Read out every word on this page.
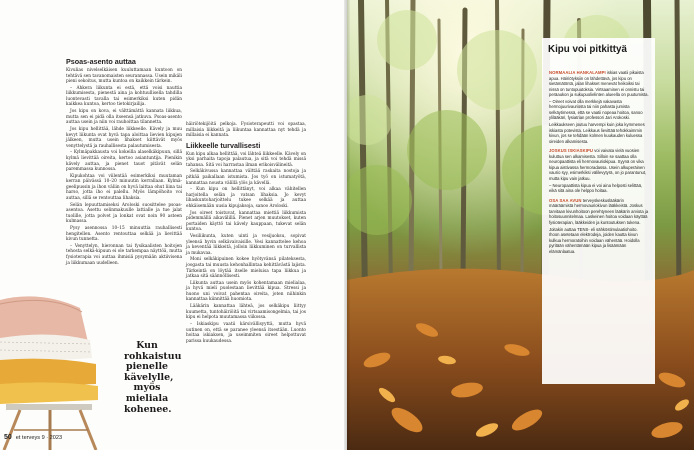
Psoas-asento auttaa

Kivulias nivelselkäisen kuuluttamaan kuntoon on tehtävä sen tavanomaisten seurannassa. Usein mikäli pieni sekoitus, mutta kuntoa on kaikkein tärkein.

– Ahkera liikunta ei estä, että voisi nauttia liikkumisesta, pienestä aina ja kohtuullisella tahdilla luontevasti tavalla tai esimerkiksi kuten pidän kaikkea kuntoa, kertoo tietokirjailija.

Jos kipu on kova, ei välttämättä kannata liikkua, mutta sen ei pidä olla itseensä jatkuva. Psoas-asento auttaa usein ja niin voi rauhoittaa tilannetta.

Jos kipu hellittää, lähde liikkeelle. Kävely ja muu kevyt liikunta ovat hyvä tapa aloittaa lievien kipujen jälkeen, mutta usein lihakset kiittävät myös venyttelystä ja rauhallisesta palautumisesta.

– Kylmäpakkausta voi kokeilla alaselkäkipuun, sillä kylmä lievittää oireita, kertoo asiantuntija. Pienikin kävely auttaa, ja pienet tauot pitävät selän paremmassa kunnossa.

Kipukohtaa voi viilentää esimerkiksi muutaman kerran päivässä 10–20 minuutin kerrallaan. Kylmä-geelipussin ja ihon väliin on hyvä laittaa ohut liina tai harso, jotta iho ei palellu. Myös lämpöhoito voi auttaa, sillä se rentouttaa lihaksia.

Selän lepuuttamiseksi Aroloski suosittelee psoas-asentoa. Asettu selinmakuulle lattialle ja tue jalat tuolille, jotta polvet ja lonkat ovat noin 90 asteen kulmassa.

Pysy asennossa 10–15 minuuttia rauhallisesti hengitellen. Asento rentouttaa selkää ja lievittää kivun tunnetta.

– Venyttelyn, hieronnan tai fysikaalisten hoitojen tehosta selkä-kipuun ei ole tarkempaa näyttöä, mutta fysioterapia voi auttaa ihmisiä pysymään aktiivisena ja liikkumaan uudelleen.

häiriötekijöitä pelkoja. Fysioterapeutti voi opastaa, millaisia liikkeitä ja liikuntaa kannattaa nyt tehdä ja millaisia ei kannata.

Liikkeelle turvallisesti

Kun kipu alkaa hellittää, voi lähteä liikkeelle. Kävely on yksi parhaita tapoja palautua, ja sitä voi tehdä missä tahansa. Sitä voi harrastaa ilman erikoisvälineitä.

Selkäkivussa kannattaa välttää raskaita nostoja ja pitkää paikallaan istumista. Jos työ on istumatyötä, kannattaa nousta välillä ylös ja kävellä.

– Kun kipu on hellittänyt, voi alkaa vähitellen harjoitella selän ja vatsan lihaksia. Jo kevyt lihaskuntoharjoittelu tukee selkää ja auttaa ehkäisemään uusia kipujaksoja, sanoo Aroloski.

Jos oireet toistuvat, kannattaa miettiä liikkumista pidemmällä aikavälillä. Pienet arjen muutokset, kuten portaiden käyttö tai kävely kauppaan, tukevat selän kuntoa.

Vesiliikunta, kuten uinti ja vesijuoksu, sopivat yleensä hyvin selkävaivaisille. Vesi kannattelee kehoa ja keventää liikkeitä, jolloin liikkuminen on turvallista ja mukavaa.

Moni selkäkipuinen kokee hyötyvänsä pilateksesta, joogasta tai muusta kehonhallintaa kehittävästä lajista. Tärkeintä on löytää itselle mieluisa tapa liikkua ja jatkaa sitä säännöllisesti.

Liikunta auttaa usein myös kohentamaan mielialaa, ja hyvä mieli puolestaan lievittää kipua. Stressi ja huono uni voivat pahentaa oireita, joten niihinkin kannattaa kiinnittää huomiota.

Lääkärin kannattaa lähteä, jos selkäkipu liittyy kuumetta, tuntohäiriöitä tai virtsaamisongelmia, tai jos kipu ei helpota muutamassa viikossa.

– Iskiaskipu vaatii kärsivällisyyttä, mutta hyvä uutinen on, että se paranee yleensä itsestään. Luonto hoitaa iskiaksen, ja useimmiten oireet helpottuvat parissa kuukaudessa.

Kun rohkaistuu pienelle kävelylle, myös mieliala kohenee.
50 et terveys 9 · 2023
Kipu voi pitkittyä

NORMAALIA HANKALAMPI iskias vaatii pikaista apua. Häiriötyksiin on lähdettävä, jos kipu on sietämätöntä, jalan lihakset menevät heikoiksi tai nissä on tuntopuutoksia. Virtsaaminen ei onnistu tai peräaukon ja sukupuolielinten alueella on puutumista.

– Oireet voivat olla merkkejä vakavasta hermojuurivauriosta tai niin pahasta jumista selkäytimessä, että se vaatii nopeaa hoitoa, sanoo ylilääkäri, fysiatrian professori Jari Arokoski.

Leikkaukseen joutuu harvempi kuin joka kymmenes iskiasta potevista. Leikkaus lievittää tehokkaimmin kivun, jos se tehdään kolmen kuukauden kuluessa oireiden alkamisesta.

JOSKUS ISKIASKIPU voi vaivata vielä vuosien kuluttua sen alkamisesta. Silloin se saattaa olla neuropaattista eli hermovauriokipua. Syynä on vika kipua aistivassa hermoradassa. Usein alkuperäinen vaurio syy, esimerkiksi välilevytyrä, on jo parantunut, mutta kipu vain jatkuu.

– Neuropaattista kipua ei voi aina helposti selittää, eikä sitä aina ole helppo hoitaa.

OSA SAA AVUN terveyskeskuslääkärin määräämistä hermovauriokivun lääkkeistä. Joskus tarvitaan kivunhoitoon perehtyneen lääkärin arviota ja hoitosuunnitelmaa. Laskeinen hoitoa voidaan käyttää fysioterapian, lääkkeiden ja kuntoutuksen tukena.

Joitakin auttaa TENS- eli sähköstimulaatiohoito. Ihoon asetetaan elektrodeja, joiden kautta kivun kulkua hermoratoihin voidaan vähentää. Hoidolla pyritään vähentämään kipua ja lisäämään elämänlaatua.
